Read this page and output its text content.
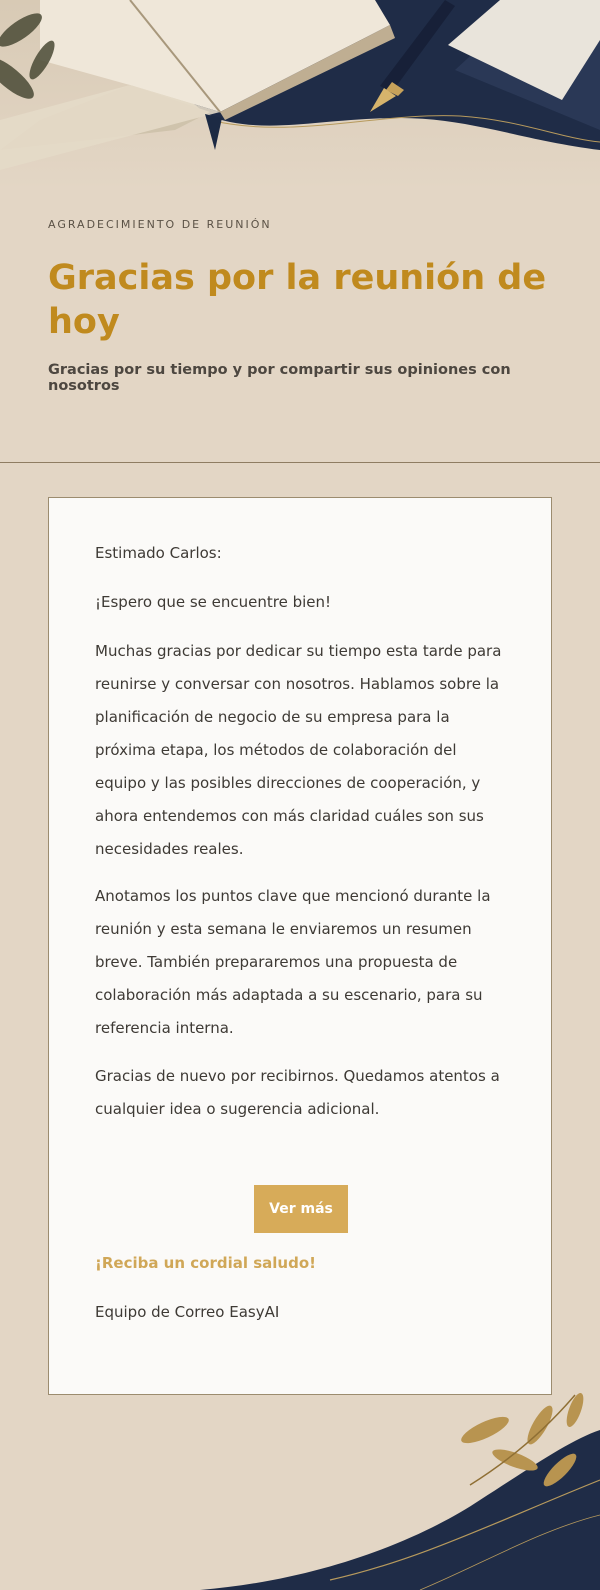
AGRADECIMIENTO DE REUNIÓN
Gracias por la reunión de hoy
Gracias por su tiempo y por compartir sus opiniones con nosotros
Estimado Carlos:

¡Espero que se encuentre bien!

Muchas gracias por dedicar su tiempo esta tarde para reunirse y conversar con nosotros. Hablamos sobre la planificación de negocio de su empresa para la próxima etapa, los métodos de colaboración del equipo y las posibles direcciones de cooperación, y ahora entendemos con más claridad cuáles son sus necesidades reales.

Anotamos los puntos clave que mencionó durante la reunión y esta semana le enviaremos un resumen breve. También prepararemos una propuesta de colaboración más adaptada a su escenario, para su referencia interna.

Gracias de nuevo por recibirnos. Quedamos atentos a cualquier idea o sugerencia adicional.

Ver más
¡Reciba un cordial saludo!
Equipo de Correo EasyAI
